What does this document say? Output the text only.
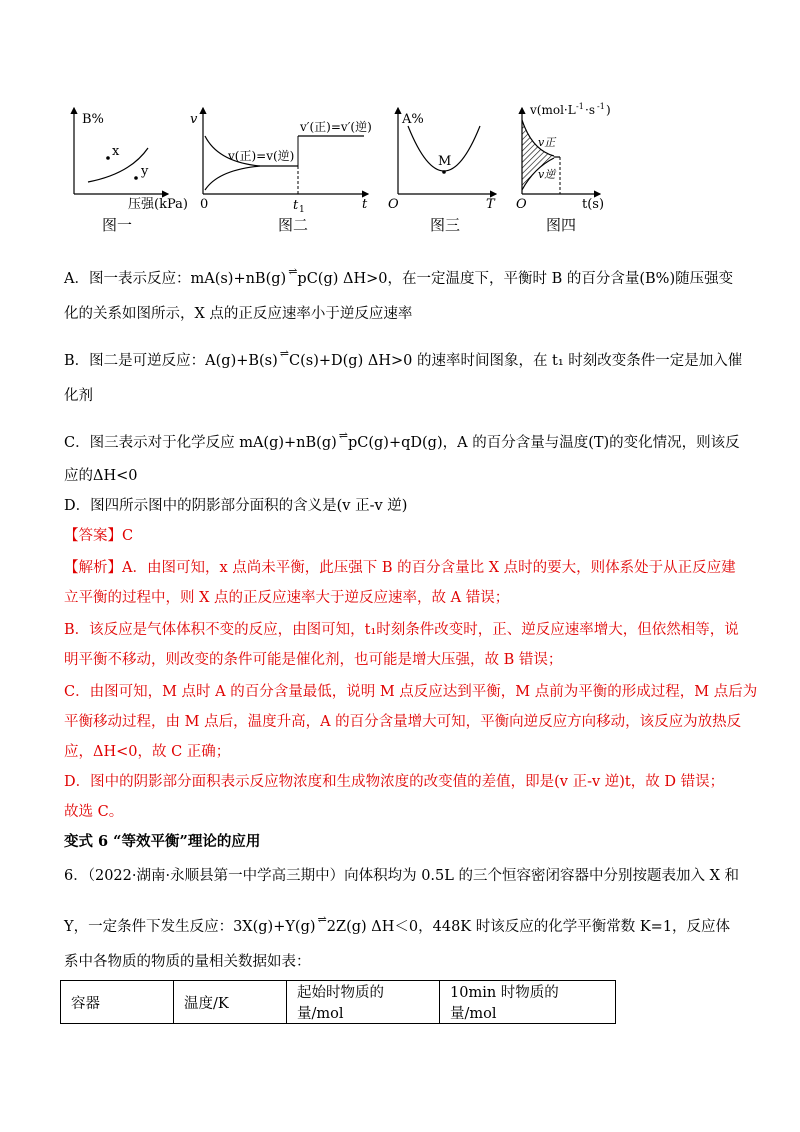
B%
x
y
压强(kPa)
图一
v
v(正)=v(逆)
v′(正)=v′(逆)
0	t 1	t
图二
A%
M
O	T
图三
v(mol·L -1 ·s -1 )
v正
v逆
O	t(s)
图四
A．图一表示反应：mA(s)+nB(g) ⇌ pC(g) ΔH>0，在一定温度下，平衡时 B 的百分含量(B%)随压强变
化的关系如图所示，X 点的正反应速率小于逆反应速率
B．图二是可逆反应：A(g)+B(s) ⇌ C(s)+D(g) ΔH>0 的速率时间图象，在 t₁ 时刻改变条件一定是加入催
化剂
C．图三表示对于化学反应 mA(g)+nB(g) ⇌ pC(g)+qD(g)，A 的百分含量与温度(T)的变化情况，则该反
应的ΔH<0
D．图四所示图中的阴影部分面积的含义是(v 正-v 逆)
【答案】C
【解析】A．由图可知，x 点尚未平衡，此压强下 B 的百分含量比 X 点时的要大，则体系处于从正反应建
立平衡的过程中，则 X 点的正反应速率大于逆反应速率，故 A 错误；
B．该反应是气体体积不变的反应，由图可知，t₁时刻条件改变时，正、逆反应速率增大，但依然相等，说
明平衡不移动，则改变的条件可能是催化剂，也可能是增大压强，故 B 错误；
C．由图可知，M 点时 A 的百分含量最低，说明 M 点反应达到平衡，M 点前为平衡的形成过程，M 点后为
平衡移动过程，由 M 点后，温度升高，A 的百分含量增大可知，平衡向逆反应方向移动，该反应为放热反
应，ΔH<0，故 C 正确；
D．图中的阴影部分面积表示反应物浓度和生成物浓度的改变值的差值，即是(v 正-v 逆)t，故 D 错误；
故选 C。
变式 6 “等效平衡”理论的应用
6．（2022·湖南·永顺县第一中学高三期中）向体积均为 0.5L 的三个恒容密闭容器中分别按题表加入 X 和
Y，一定条件下发生反应：3X(g)+Y(g) ⇌ 2Z(g) ΔH＜0，448K 时该反应的化学平衡常数 K=1，反应体
系中各物质的物质的量相关数据如表：
容器	温度/K	起始时物质的量/mol	10min 时物质的量/mol
